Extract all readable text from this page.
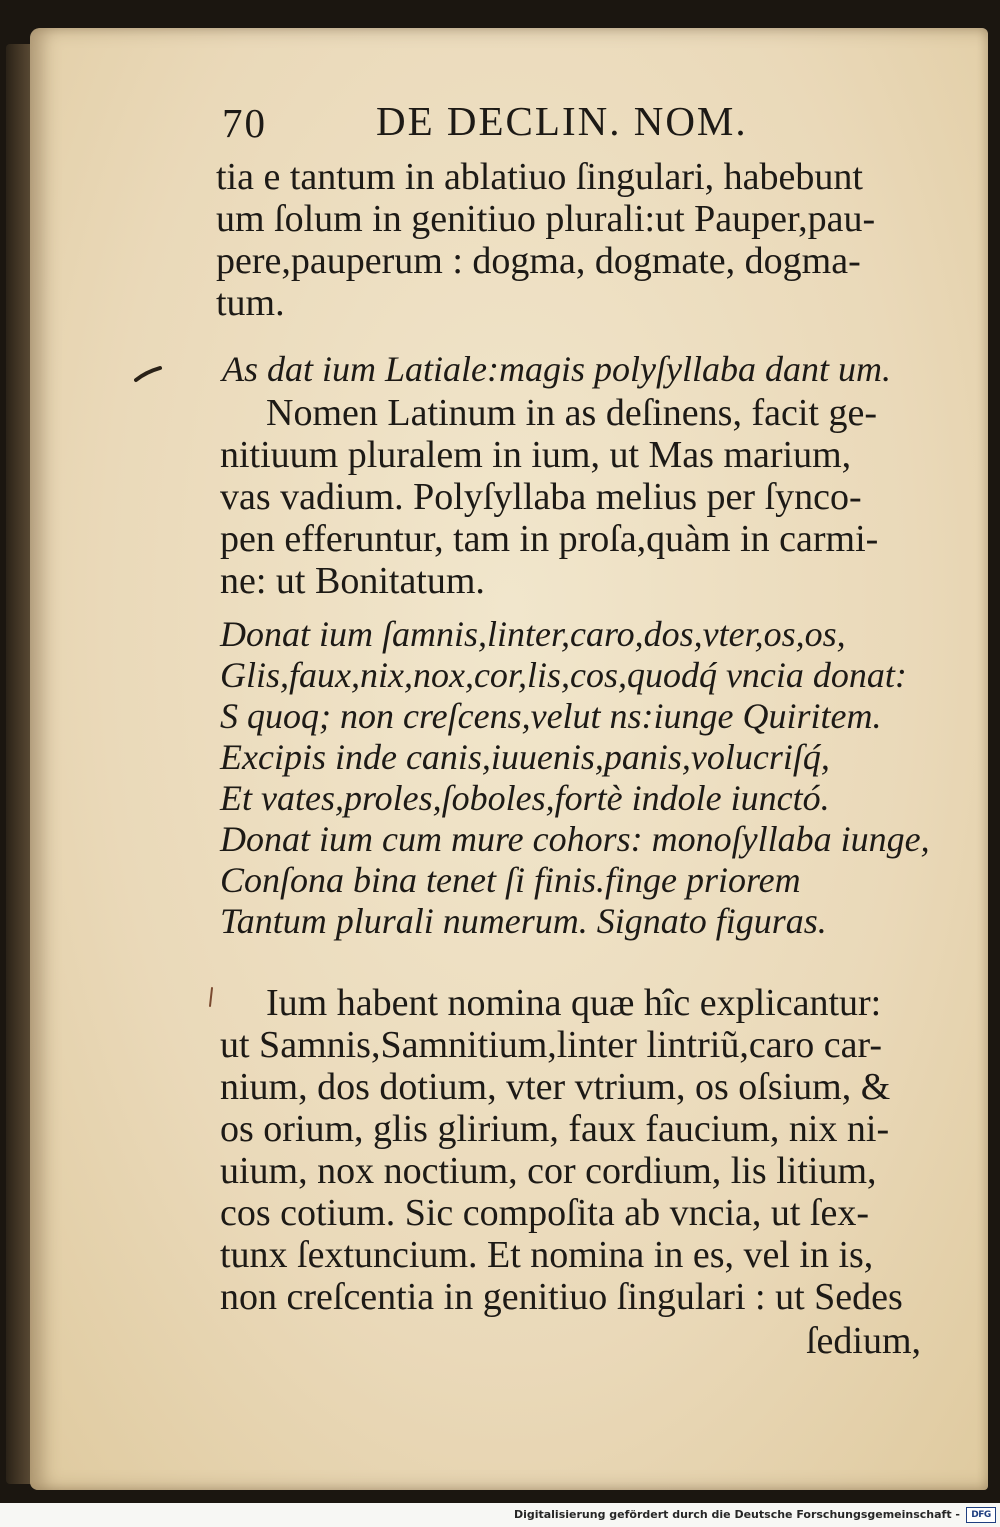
70	DE DECLIN. NOM.

tia e tantum in ablatiuo ſingulari, habebunt

um ſolum in genitiuo plurali:ut Pauper,pau-

pere,pauperum : dogma, dogmate, dogma-

tum.

As dat ium Latiale:magis polyſyllaba dant um.

Nomen Latinum in as deſinens, facit ge-

nitiuum pluralem in ium, ut Mas marium,

vas vadium. Polyſyllaba melius per ſynco-

pen efferuntur, tam in proſa,quàm in carmi-

ne: ut Bonitatum.

Donat ium ſamnis,linter,caro,dos,vter,os,os,

Glis,faux,nix,nox,cor,lis,cos,quodq́ vncia donat:

S quoq; non creſcens,velut ns:iunge Quiritem.

Excipis inde canis,iuuenis,panis,volucriſq́,

Et vates,proles,ſoboles,fortè indole iunctó.

Donat ium cum mure cohors: monoſyllaba iunge,

Conſona bina tenet ſi finis.finge priorem

Tantum plurali numerum. Signato figuras.

Ium habent nomina quæ hîc explicantur:

ut Samnis,Samnitium,linter lintriũ,caro car-

nium, dos dotium, vter vtrium, os oſsium, &

os orium, glis glirium, faux faucium, nix ni-

uium, nox noctium, cor cordium, lis litium,

cos cotium. Sic compoſita ab vncia, ut ſex-

tunx ſextuncium. Et nomina in es, vel in is,

non creſcentia in genitiuo ſingulari : ut Sedes

ſedium,

Digitalisierung gefördert durch die Deutsche Forschungsgemeinschaft -	DFG
